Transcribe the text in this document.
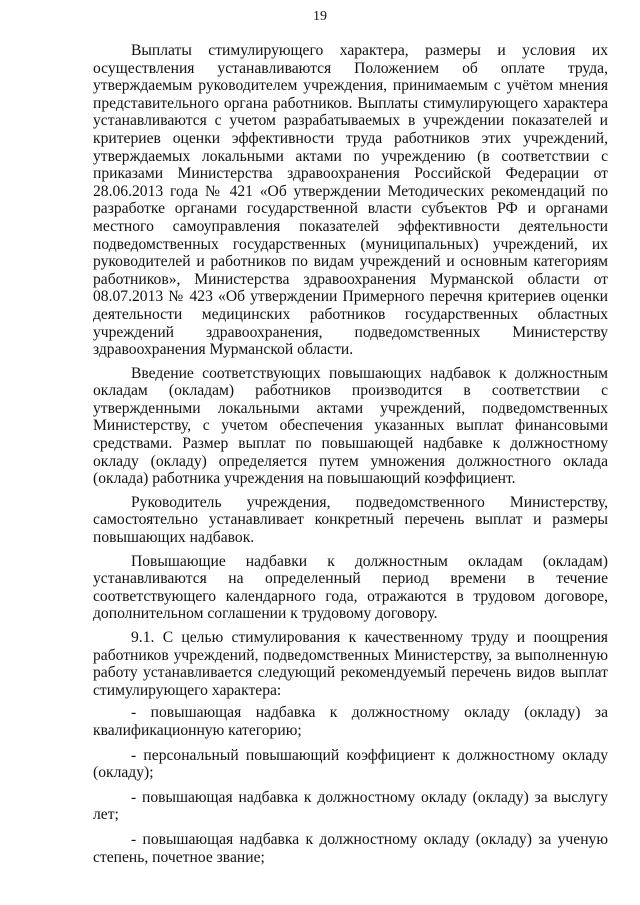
19

Выплаты стимулирующего характера, размеры и условия их осуществления устанавливаются Положением об оплате труда, утверждаемым руководителем учреждения, принимаемым с учётом мнения представительного органа работников. Выплаты стимулирующего характера устанавливаются с учетом разрабатываемых в учреждении показателей и критериев оценки эффективности труда работников этих учреждений, утверждаемых локальными актами по учреждению (в соответствии с приказами Министерства здравоохранения Российской Федерации от 28.06.2013 года № 421 «Об утверждении Методических рекомендаций по разработке органами государственной власти субъектов РФ и органами местного самоуправления показателей эффективности деятельности подведомственных государственных (муниципальных) учреждений, их руководителей и работников по видам учреждений и основным категориям работников», Министерства здравоохранения Мурманской области от 08.07.2013 № 423 «Об утверждении Примерного перечня критериев оценки деятельности медицинских работников государственных областных учреждений здравоохранения, подведомственных Министерству здравоохранения Мурманской области.

Введение соответствующих повышающих надбавок к должностным окладам (окладам) работников производится в соответствии с утвержденными локальными актами учреждений, подведомственных Министерству, с учетом обеспечения указанных выплат финансовыми средствами. Размер выплат по повышающей надбавке к должностному окладу (окладу) определяется путем умножения должностного оклада (оклада) работника учреждения на повышающий коэффициент.

Руководитель учреждения, подведомственного Министерству, самостоятельно устанавливает конкретный перечень выплат и размеры повышающих надбавок.

Повышающие надбавки к должностным окладам (окладам) устанавливаются на определенный период времени в течение соответствующего календарного года, отражаются в трудовом договоре, дополнительном соглашении к трудовому договору.

9.1. С целью стимулирования к качественному труду и поощрения работников учреждений, подведомственных Министерству, за выполненную работу устанавливается следующий рекомендуемый перечень видов выплат стимулирующего характера:

- повышающая надбавка к должностному окладу (окладу) за квалификационную категорию;

- персональный повышающий коэффициент к должностному окладу (окладу);

- повышающая надбавка к должностному окладу (окладу) за выслугу лет;

- повышающая надбавка к должностному окладу (окладу) за ученую степень, почетное звание;
